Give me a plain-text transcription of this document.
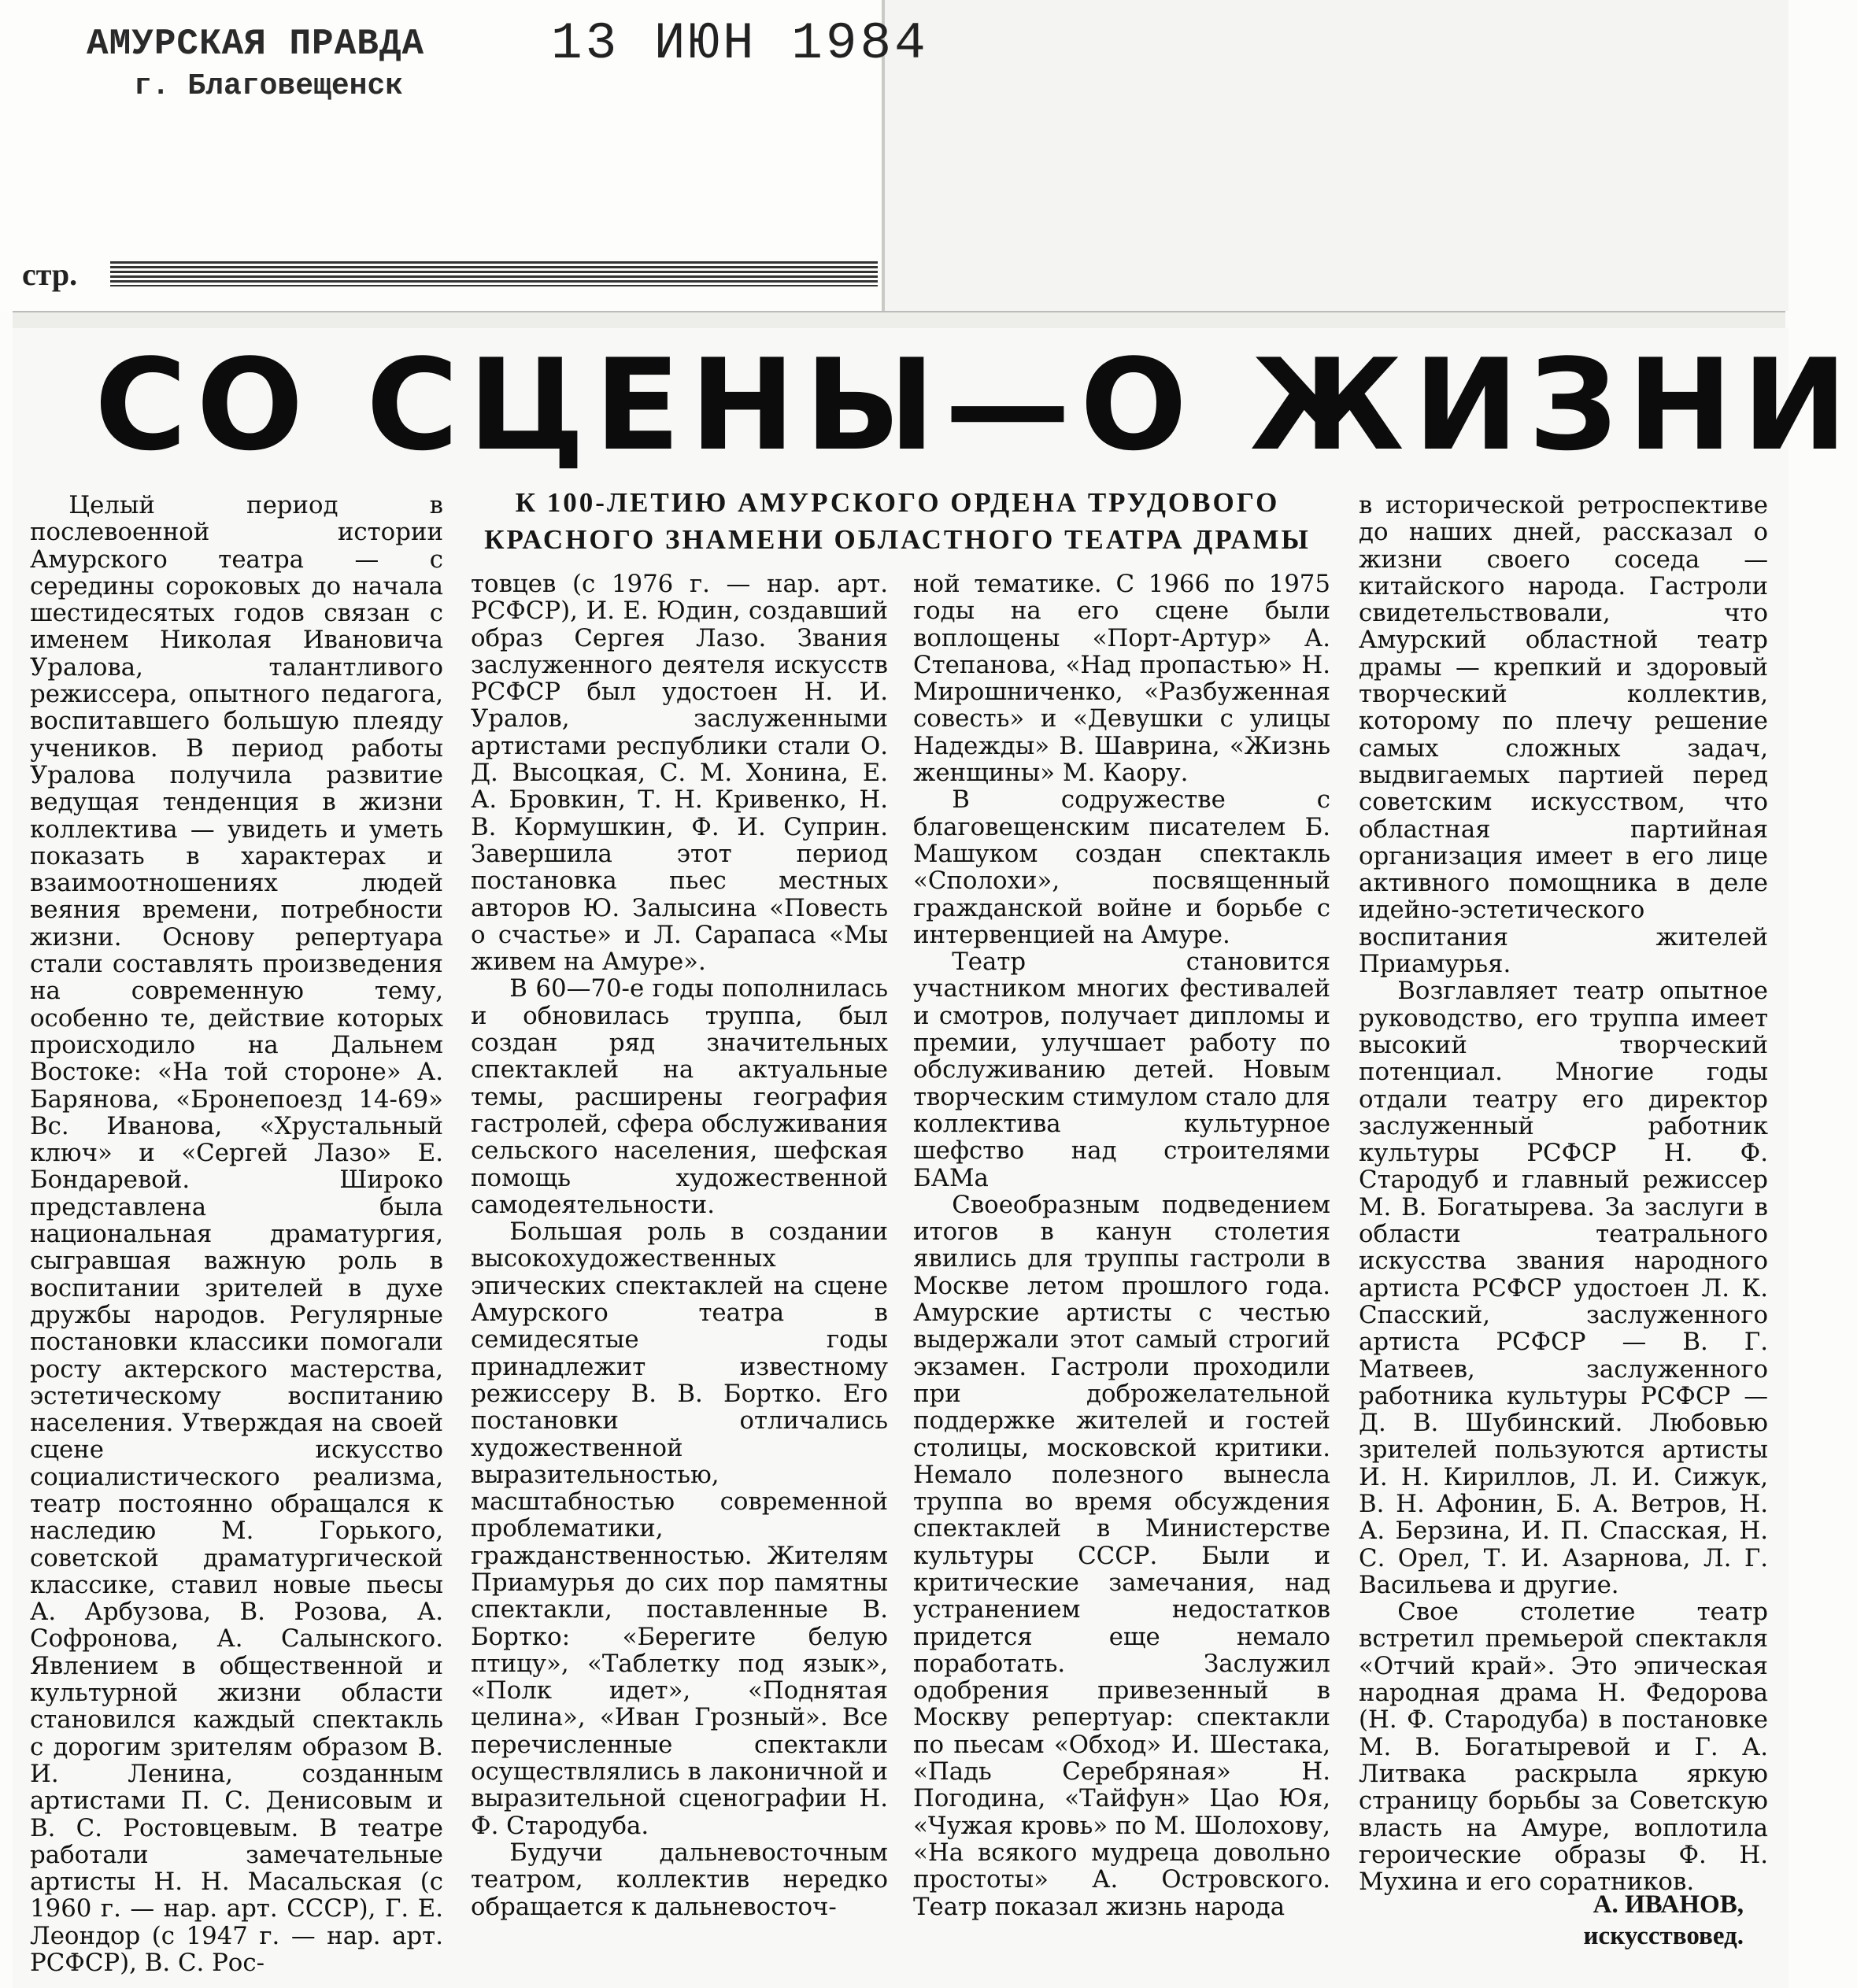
АМУРСКАЯ ПРАВДА
г. Благовещенск
13 ИЮН 1984
стр.
СО СЦЕНЫ—О ЖИЗНИ
К 100-ЛЕТИЮ АМУРСКОГО ОРДЕНА ТРУДОВОГО КРАСНОГО ЗНАМЕНИ ОБЛАСТНОГО ТЕАТРА ДРАМЫ

Целый период в послевоенной истории Амурского театра — с середины сороковых до начала шестидесятых годов связан с именем Николая Ивановича Уралова, талантливого режиссера, опытного педагога, воспитавшего большую плеяду учеников. В период работы Уралова получила развитие ведущая тенденция в жизни коллектива — увидеть и уметь показать в характерах и взаимоотношениях людей веяния времени, потребности жизни. Основу репертуара стали составлять произведения на современную тему, особенно те, действие которых происходило на Дальнем Востоке: «На той стороне» А. Барянова, «Бронепоезд 14-69» Вс. Иванова, «Хрустальный ключ» и «Сергей Лазо» Е. Бондаревой. Широко представлена была национальная драматургия, сыгравшая важную роль в воспитании зрителей в духе дружбы народов. Регулярные постановки классики помогали росту актерского мастерства, эстетическому воспитанию населения. Утверждая на своей сцене искусство социалистического реализма, театр постоянно обращался к наследию М. Горького, советской драматургической классике, ставил новые пьесы А. Арбузова, В. Розова, А. Софронова, А. Салынского. Явлением в общественной и культурной жизни области становился каждый спектакль с дорогим зрителям образом В. И. Ленина, созданным артистами П. С. Денисовым и В. С. Ростовцевым. В театре работали замечательные артисты Н. Н. Масальская (с 1960 г. — нар. арт. СССР), Г. Е. Леондор (с 1947 г. — нар. арт. РСФСР), В. С. Рос-

товцев (с 1976 г. — нар. арт. РСФСР), И. Е. Юдин, создавший образ Сергея Лазо. Звания заслуженного деятеля искусств РСФСР был удостоен Н. И. Уралов, заслуженными артистами республики стали О. Д. Высоцкая, С. М. Хонина, Е. А. Бровкин, Т. Н. Кривенко, Н. В. Кормушкин, Ф. И. Суприн. Завершила этот период постановка пьес местных авторов Ю. Залысина «Повесть о счастье» и Л. Сарапаса «Мы живем на Амуре».

В 60—70-е годы пополнилась и обновилась труппа, был создан ряд значительных спектаклей на актуальные темы, расширены география гастролей, сфера обслуживания сельского населения, шефская помощь художественной самодеятельности.

Большая роль в создании высокохудожественных эпических спектаклей на сцене Амурского театра в семидесятые годы принадлежит известному режиссеру В. В. Бортко. Его постановки отличались художественной выразительностью, масштабностью современной проблематики, гражданственностью. Жителям Приамурья до сих пор памятны спектакли, поставленные В. Бортко: «Берегите белую птицу», «Таблетку под язык», «Полк идет», «Поднятая целина», «Иван Грозный». Все перечисленные спектакли осуществлялись в лаконичной и выразительной сценографии Н. Ф. Стародуба.

Будучи дальневосточным театром, коллектив нередко обращается к дальневосточ-

ной тематике. С 1966 по 1975 годы на его сцене были воплощены «Порт-Артур» А. Степанова, «Над пропастью» Н. Мирошниченко, «Разбуженная совесть» и «Девушки с улицы Надежды» В. Шаврина, «Жизнь женщины» М. Каору.

В содружестве с благовещенским писателем Б. Машуком создан спектакль «Сполохи», посвященный гражданской войне и борьбе с интервенцией на Амуре.

Театр становится участником многих фестивалей и смотров, получает дипломы и премии, улучшает работу по обслуживанию детей. Новым творческим стимулом стало для коллектива культурное шефство над строителями БАМа

Своеобразным подведением итогов в канун столетия явились для труппы гастроли в Москве летом прошлого года. Амурские артисты с честью выдержали этот самый строгий экзамен. Гастроли проходили при доброжелательной поддержке жителей и гостей столицы, московской критики. Немало полезного вынесла труппа во время обсуждения спектаклей в Министерстве культуры СССР. Были и критические замечания, над устранением недостатков придется еще немало поработать. Заслужил одобрения привезенный в Москву репертуар: спектакли по пьесам «Обход» И. Шестака, «Падь Серебряная» Н. Погодина, «Тайфун» Цао Юя, «Чужая кровь» по М. Шолохову, «На всякого мудреца довольно простоты» А. Островского. Театр показал жизнь народа

в исторической ретроспективе до наших дней, рассказал о жизни своего соседа — китайского народа. Гастроли свидетельствовали, что Амурский областной театр драмы — крепкий и здоровый творческий коллектив, которому по плечу решение самых сложных задач, выдвигаемых партией перед советским искусством, что областная партийная организация имеет в его лице активного помощника в деле идейно-эстетического воспитания жителей Приамурья.

Возглавляет театр опытное руководство, его труппа имеет высокий творческий потенциал. Многие годы отдали театру его директор заслуженный работник культуры РСФСР Н. Ф. Стародуб и главный режиссер М. В. Богатырева. За заслуги в области театрального искусства звания народного артиста РСФСР удостоен Л. К. Спасский, заслуженного артиста РСФСР — В. Г. Матвеев, заслуженного работника культуры РСФСР — Д. В. Шубинский. Любовью зрителей пользуются артисты И. Н. Кириллов, Л. И. Сижук, В. Н. Афонин, Б. А. Ветров, Н. А. Берзина, И. П. Спасская, Н. С. Орел, Т. И. Азарнова, Л. Г. Васильева и другие.

Свое столетие театр встретил премьерой спектакля «Отчий край». Это эпическая народная драма Н. Федорова (Н. Ф. Стародуба) в постановке М. В. Богатыревой и Г. А. Литвака раскрыла яркую страницу борьбы за Советскую власть на Амуре, воплотила героические образы Ф. Н. Мухина и его соратников.

А. ИВАНОВ,
искусствовед.
